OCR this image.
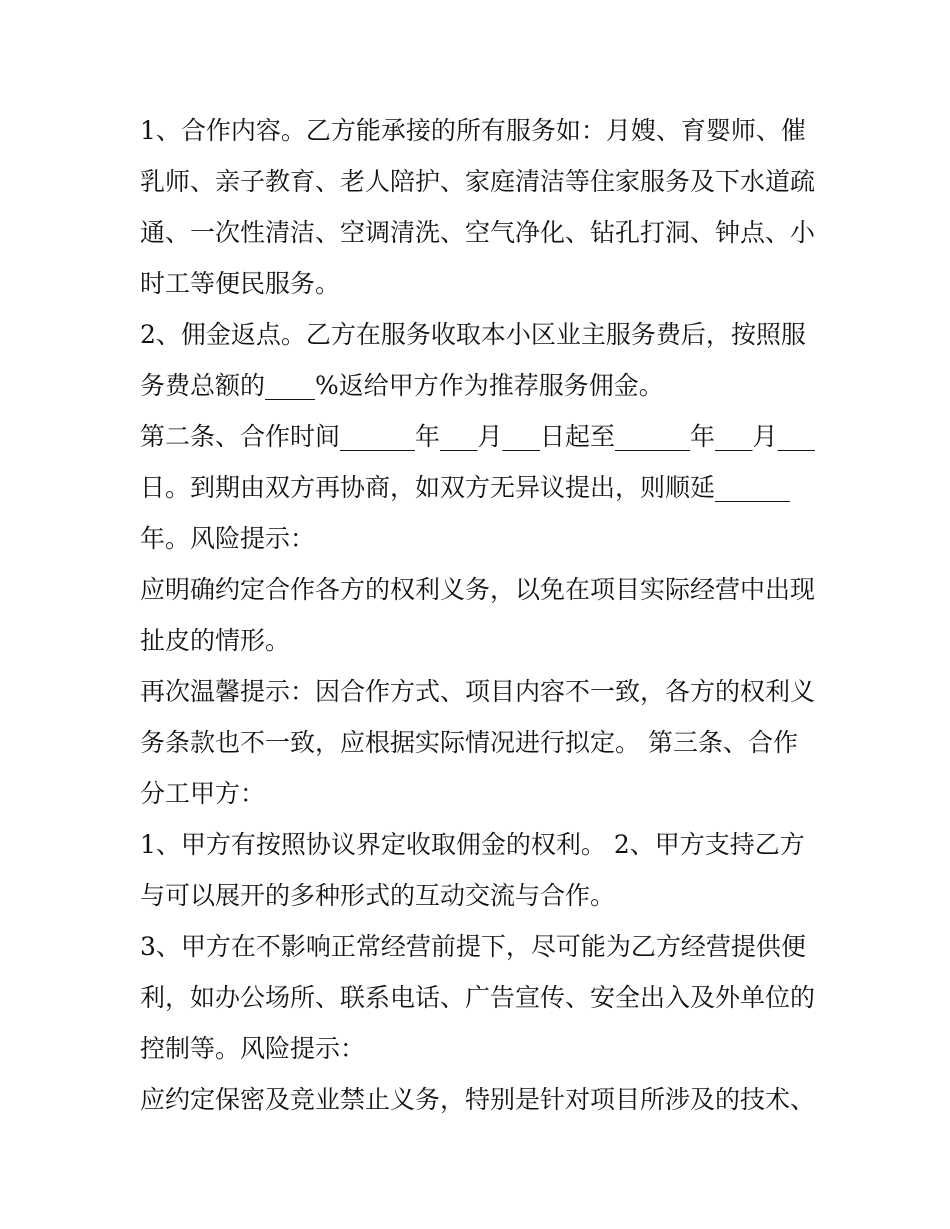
1、合作内容。乙方能承接的所有服务如：月嫂、育婴师、催
乳师、亲子教育、老人陪护、家庭清洁等住家服务及下水道疏
通、一次性清洁、空调清洗、空气净化、钻孔打洞、钟点、小
时工等便民服务。
2、佣金返点。乙方在服务收取本小区业主服务费后，按照服
务费总额的____%返给甲方作为推荐服务佣金。
第二条、合作时间______年___月___日起至______年___月___
日。到期由双方再协商，如双方无异议提出，则顺延______
年。风险提示：
应明确约定合作各方的权利义务，以免在项目实际经营中出现
扯皮的情形。
再次温馨提示：因合作方式、项目内容不一致，各方的权利义
务条款也不一致，应根据实际情况进行拟定。 第三条、合作
分工甲方：
1、甲方有按照协议界定收取佣金的权利。 2、甲方支持乙方
与可以展开的多种形式的互动交流与合作。
3、甲方在不影响正常经营前提下，尽可能为乙方经营提供便
利，如办公场所、联系电话、广告宣传、安全出入及外单位的
控制等。风险提示：
应约定保密及竞业禁止义务，特别是针对项目所涉及的技术、
